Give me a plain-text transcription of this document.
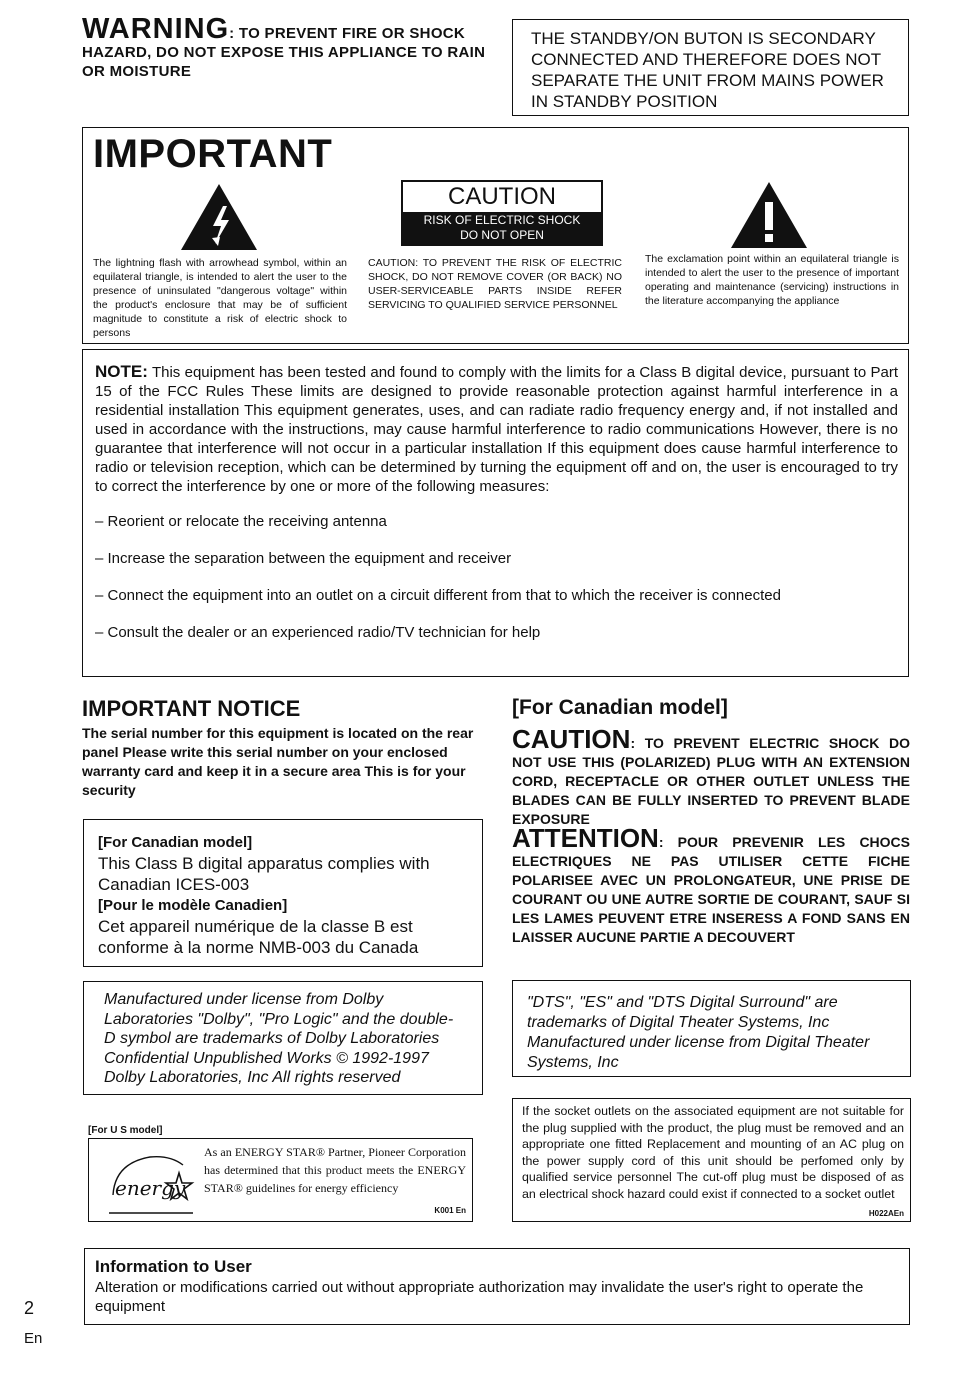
WARNING: TO PREVENT FIRE OR SHOCK HAZARD, DO NOT EXPOSE THIS APPLIANCE TO RAIN OR MOISTURE
THE STANDBY/ON BUTON IS SECONDARY CONNECTED AND THEREFORE DOES NOT SEPARATE THE UNIT FROM MAINS POWER IN STANDBY POSITION
IMPORTANT
CAUTION
RISK OF ELECTRIC SHOCK
DO NOT OPEN
The lightning flash with arrowhead symbol, within an equilateral triangle, is intended to alert the user to the presence of uninsulated "dangerous voltage" within the product's enclosure that may be of sufficient magnitude to constitute a risk of electric shock to persons
CAUTION: TO PREVENT THE RISK OF ELECTRIC SHOCK, DO NOT REMOVE COVER (OR BACK) NO USER-SERVICEABLE PARTS INSIDE REFER SERVICING TO QUALIFIED SERVICE PERSONNEL
The exclamation point within an equilateral triangle is intended to alert the user to the presence of important operating and maintenance (servicing) instructions in the literature accompanying the appliance

NOTE: This equipment has been tested and found to comply with the limits for a Class B digital device, pursuant to Part 15 of the FCC Rules These limits are designed to provide reasonable protection against harmful interference in a residential installation This equipment generates, uses, and can radiate radio frequency energy and, if not installed and used in accordance with the instructions, may cause harmful interference to radio communications However, there is no guarantee that interference will not occur in a particular installation If this equipment does cause harmful interference to radio or television reception, which can be determined by turning the equipment off and on, the user is encouraged to try to correct the interference by one or more of the following measures:

– Reorient or relocate the receiving antenna
– Increase the separation between the equipment and receiver
– Connect the equipment into an outlet on a circuit different from that to which the receiver is connected
– Consult the dealer or an experienced radio/TV technician for help
IMPORTANT NOTICE
The serial number for this equipment is located on the rear panel Please write this serial number on your enclosed warranty card and keep it in a secure area This is for your security
[For Canadian model]
This Class B digital apparatus complies with Canadian ICES-003
[Pour le modèle Canadien]
Cet appareil numérique de la classe B est conforme à la norme NMB-003 du Canada
Manufactured under license from Dolby Laboratories "Dolby", "Pro Logic" and the double-D symbol are trademarks of Dolby Laboratories Confidential Unpublished Works © 1992-1997 Dolby Laboratories, Inc All rights reserved
[For U S model]
energy
As an ENERGY STAR® Partner, Pioneer Corporation has determined that this product meets the ENERGY STAR® guidelines for energy efficiency
K001 En
[For Canadian model]
CAUTION: TO PREVENT ELECTRIC SHOCK DO NOT USE THIS (POLARIZED) PLUG WITH AN EXTENSION CORD, RECEPTACLE OR OTHER OUTLET UNLESS THE BLADES CAN BE FULLY INSERTED TO PREVENT BLADE EXPOSURE
ATTENTION: POUR PREVENIR LES CHOCS ELECTRIQUES NE PAS UTILISER CETTE FICHE POLARISEE AVEC UN PROLONGATEUR, UNE PRISE DE COURANT OU UNE AUTRE SORTIE DE COURANT, SAUF SI LES LAMES PEUVENT ETRE INSERESS A FOND SANS EN LAISSER AUCUNE PARTIE A DECOUVERT
"DTS", "ES" and "DTS Digital Surround" are trademarks of Digital Theater Systems, Inc Manufactured under license from Digital Theater Systems, Inc
If the socket outlets on the associated equipment are not suitable for the plug supplied with the product, the plug must be removed and an appropriate one fitted Replacement and mounting of an AC plug on the power supply cord of this unit should be perfomed only by qualified service personnel The cut-off plug must be disposed of as an electrical shock hazard could exist if connected to a socket outlet
H022AEn
Information to User
Alteration or modifications carried out without appropriate authorization may invalidate the user's right to operate the equipment
2
En
